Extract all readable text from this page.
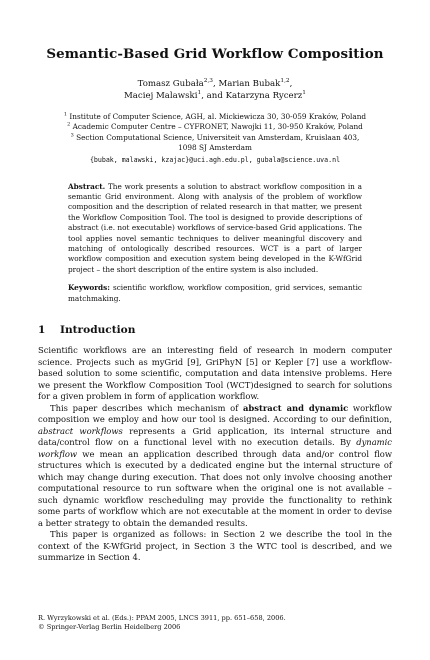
Semantic-Based Grid Workflow Composition
Tomasz Gubała$^{2,3}$, Marian Bubak$^{1,2}$,
Maciej Malawski$^1$, and Katarzyna Rycerz$^1$
$^1$ Institute of Computer Science, AGH, al. Mickiewicza 30, 30-059 Kraków, Poland
$^2$ Academic Computer Centre – CYFRONET, Nawojki 11, 30-950 Kraków, Poland
$^3$ Section Computational Science, Universiteit van Amsterdam, Kruislaan 403,
1098 SJ Amsterdam
{bubak, malawski, kzajac}@uci.agh.edu.pl, gubala@science.uva.nl
Abstract. The work presents a solution to abstract workflow composition in a semantic Grid environment. Along with analysis of the problem of workflow composition and the description of related research in that matter, we present the Workflow Composition Tool. The tool is designed to provide descriptions of abstract (i.e. not executable) workflows of service-based Grid applications. The tool applies novel semantic techniques to deliver meaningful discovery and matching of ontologically described resources. WCT is a part of larger workflow composition and execution system being developed in the K-WfGrid project – the short description of the entire system is also included.
Keywords: scientific workflow, workflow composition, grid services, semantic matchmaking.
1 Introduction

Scientific workflows are an interesting field of research in modern computer science. Projects such as myGrid [9], GriPhyN [5] or Kepler [7] use a workflow-based solution to some scientific, computation and data intensive problems. Here we present the Workflow Composition Tool (WCT)designed to search for solutions for a given problem in form of application workflow.

This paper describes which mechanism of abstract and dynamic workflow composition we employ and how our tool is designed. According to our definition, abstract workflows represents a Grid application, its internal structure and data/control flow on a functional level with no execution details. By dynamic workflow we mean an application described through data and/or control flow structures which is executed by a dedicated engine but the internal structure of which may change during execution. That does not only involve choosing another computational resource to run software when the original one is not available – such dynamic workflow rescheduling may provide the functionality to rethink some parts of workflow which are not executable at the moment in order to devise a better strategy to obtain the demanded results.

This paper is organized as follows: in Section 2 we describe the tool in the context of the K-WfGrid project, in Section 3 the WTC tool is described, and we summarize in Section 4.

R. Wyrzykowski et al. (Eds.): PPAM 2005, LNCS 3911, pp. 651–658, 2006.
© Springer-Verlag Berlin Heidelberg 2006
